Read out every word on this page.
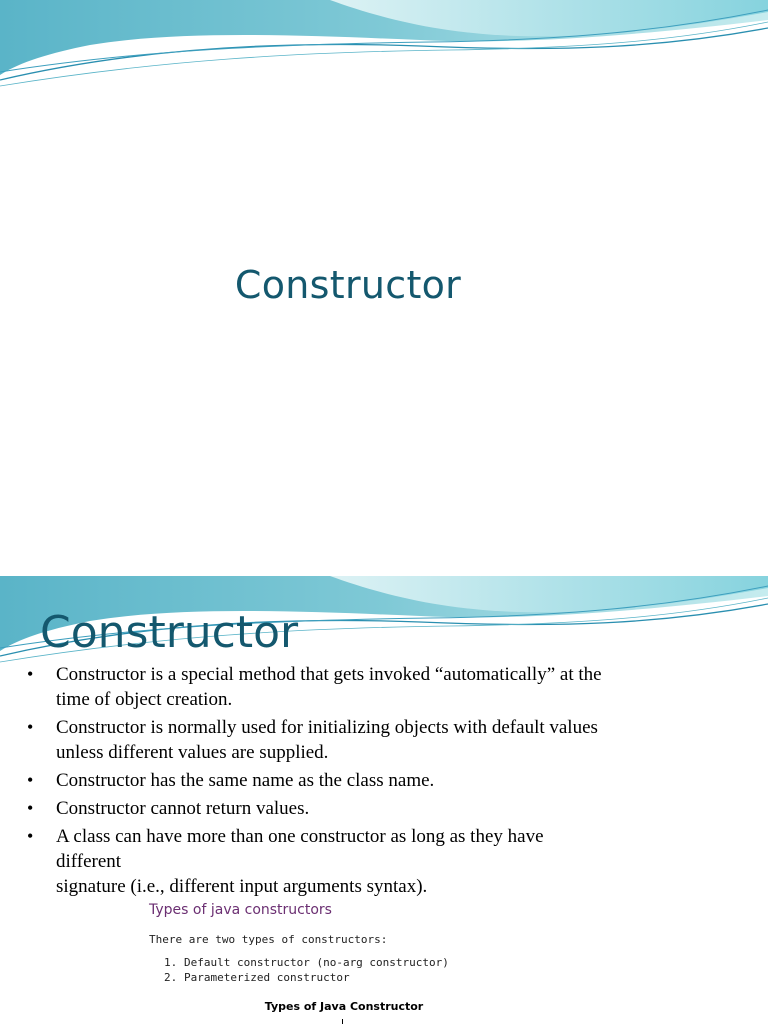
Constructor
Constructor
• Constructor is a special method that gets invoked “automatically” at the
time of object creation.
• Constructor is normally used for initializing objects with default values
unless different values are supplied.
• Constructor has the same name as the class name.
• Constructor cannot return values.
• A class can have more than one constructor as long as they have
different
signature (i.e., different input arguments syntax).
Types of java constructors
There are two types of constructors:
1. Default constructor (no-arg constructor)
2. Parameterized constructor
Types of Java Constructor
